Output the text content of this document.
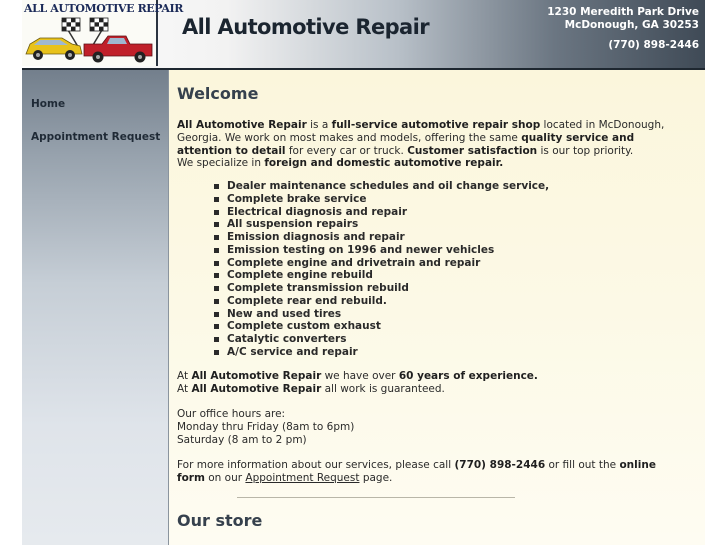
ALL AUTOMOTIVE REPAIR
All Automotive Repair
1230 Meredith Park Drive
McDonough, GA 30253
(770) 898-2446
Home
Appointment Request
Welcome
All Automotive Repair is a full-service automotive repair shop located in McDonough, Georgia. We work on most makes and models, offering the same quality service and attention to detail for every car or truck. Customer satisfaction is our top priority.
We specialize in foreign and domestic automotive repair.
Dealer maintenance schedules and oil change service,
Complete brake service
Electrical diagnosis and repair
All suspension repairs
Emission diagnosis and repair
Emission testing on 1996 and newer vehicles
Complete engine and drivetrain and repair
Complete engine rebuild
Complete transmission rebuild
Complete rear end rebuild.
New and used tires
Complete custom exhaust
Catalytic converters
A/C service and repair
At All Automotive Repair we have over 60 years of experience.
At All Automotive Repair all work is guaranteed.
Our office hours are:
Monday thru Friday (8am to 6pm)
Saturday (8 am to 2 pm)
For more information about our services, please call (770) 898-2446 or fill out the online form on our Appointment Request page.
Our store
